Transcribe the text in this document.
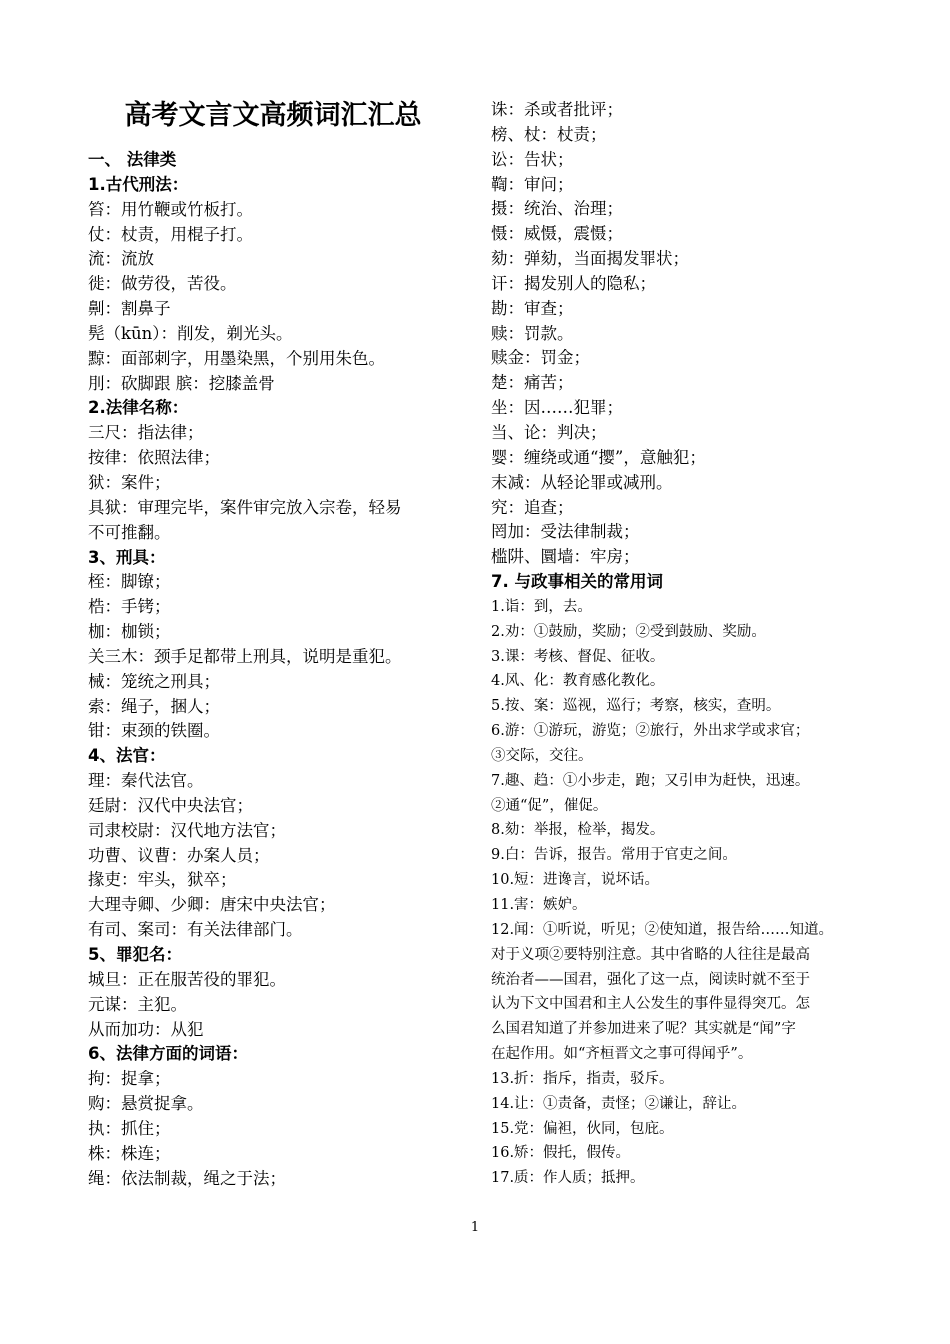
高考文言文高频词汇汇总
一、 法律类
1.古代刑法：
笞：用竹鞭或竹板打。
仗：杖责，用棍子打。
流：流放
徙：做劳役，苦役。
劓：割鼻子
髡（kūn）：削发，剃光头。
黥：面部刺字，用墨染黑，个别用朱色。
刖：砍脚跟 膑：挖膝盖骨
2.法律名称：
三尺：指法律；
按律：依照法律；
狱：案件；
具狱：审理完毕，案件审完放入宗卷，轻易
不可推翻。
3、刑具：
桎：脚镣；
梏：手铐；
枷：枷锁；
关三木：颈手足都带上刑具，说明是重犯。
械：笼统之刑具；
索：绳子，捆人；
钳：束颈的铁圈。
4、法官：
理：秦代法官。
廷尉：汉代中央法官；
司隶校尉：汉代地方法官；
功曹、议曹：办案人员；
掾吏：牢头，狱卒；
大理寺卿、少卿：唐宋中央法官；
有司、案司：有关法律部门。
5、罪犯名：
城旦：正在服苦役的罪犯。
元谋：主犯。
从而加功：从犯
6、法律方面的词语：
拘：捉拿；
购：悬赏捉拿。
执：抓住；
株：株连；
绳：依法制裁，绳之于法；
诛：杀或者批评；
榜、杖：杖责；
讼：告状；
鞫：审问；
摄：统治、治理；
慑：威慑，震慑；
劾：弹劾，当面揭发罪状；
讦：揭发别人的隐私；
勘：审查；
赎：罚款。
赎金：罚金；
楚：痛苦；
坐：因……犯罪；
当、论：判决；
婴：缠绕或通“撄”，意触犯；
末减：从轻论罪或减刑。
究：追查；
罔加：受法律制裁；
槛阱、圜墙：牢房；
7. 与政事相关的常用词
1.诣：到，去。
2.劝：①鼓励，奖励；②受到鼓励、奖励。
3.课：考核、督促、征收。
4.风、化：教育感化教化。
5.按、案：巡视，巡行；考察，核实，查明。
6.游：①游玩，游览；②旅行，外出求学或求官；
③交际，交往。
7.趣、趋：①小步走，跑；又引申为赶快，迅速。
②通“促”，催促。
8.劾：举报，检举，揭发。
9.白：告诉，报告。常用于官吏之间。
10.短：进谗言，说坏话。
11.害：嫉妒。
12.闻：①听说，听见；②使知道，报告给……知道。
对于义项②要特别注意。其中省略的人往往是最高
统治者——国君，强化了这一点，阅读时就不至于
认为下文中国君和主人公发生的事件显得突兀。怎
么国君知道了并参加进来了呢？其实就是“闻”字
在起作用。如“齐桓晋文之事可得闻乎”。
13.折：指斥，指责，驳斥。
14.让：①责备，责怪；②谦让，辞让。
15.党：偏袒，伙同，包庇。
16.矫：假托，假传。
17.质：作人质；抵押。
1
